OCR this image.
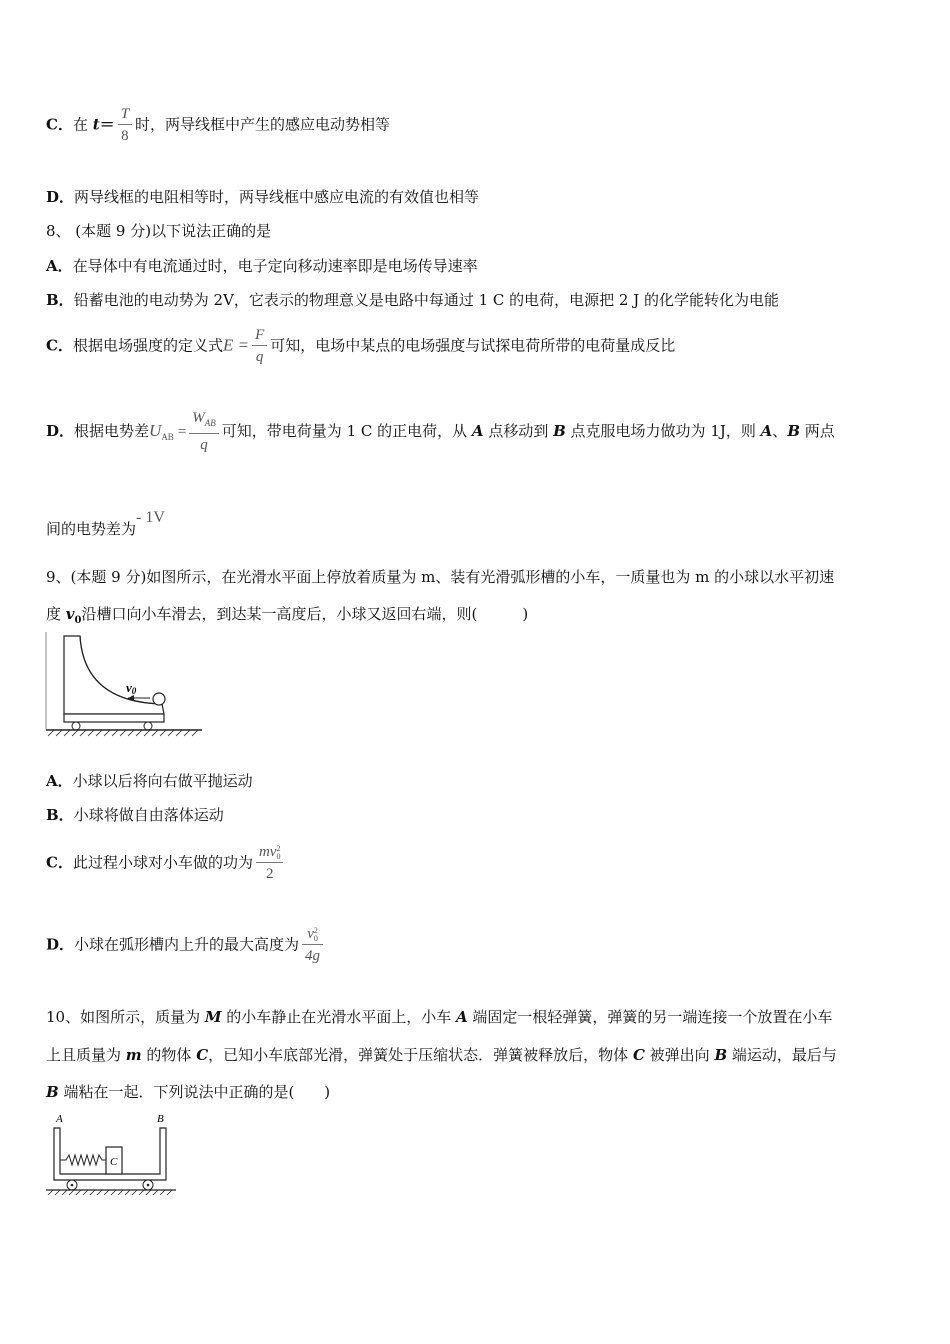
C．在 $t= \frac{T}{8}$ 时，两导线框中产生的感应电动势相等
D．两导线框的电阻相等时，两导线框中感应电流的有效值也相等
8、 (本题 9 分)以下说法正确的是
A．在导体中有电流通过时，电子定向移动速率即是电场传导速率
B．铅蓄电池的电动势为 2V，它表示的物理意义是电路中每通过 1 C 的电荷，电源把 2 J 的化学能转化为电能
C．根据电场强度的定义式$E = \frac{F}{q}$ 可知，电场中某点的电场强度与试探电荷所带的电荷量成反比
D．根据电势差$U_{AB} = \frac{W_{AB}}{q}$ 可知，带电荷量为 1 C 的正电荷，从 A 点移动到 B 点克服电场力做功为 1J，则 A、B 两点
间的电势差为- 1V
9、(本题 9 分)如图所示，在光滑水平面上停放着质量为 m、装有光滑弧形槽的小车，一质量也为 m 的小球以水平初速
度 $v_0$沿槽口向小车滑去，到达某一高度后，小球又返回右端，则(　　　)
v0
A．小球以后将向右做平抛运动
B．小球将做自由落体运动
C．此过程小球对小车做的功为 mv 2
0
2
D．小球在弧形槽内上升的最大高度为 v 2
0
4g
10、如图所示，质量为 M 的小车静止在光滑水平面上，小车 A 端固定一根轻弹簧，弹簧的另一端连接一个放置在小车
上且质量为 m 的物体 C，已知小车底部光滑，弹簧处于压缩状态．弹簧被释放后，物体 C 被弹出向 B 端运动，最后与
B 端粘在一起．下列说法中正确的是(　　)
A	B
C
